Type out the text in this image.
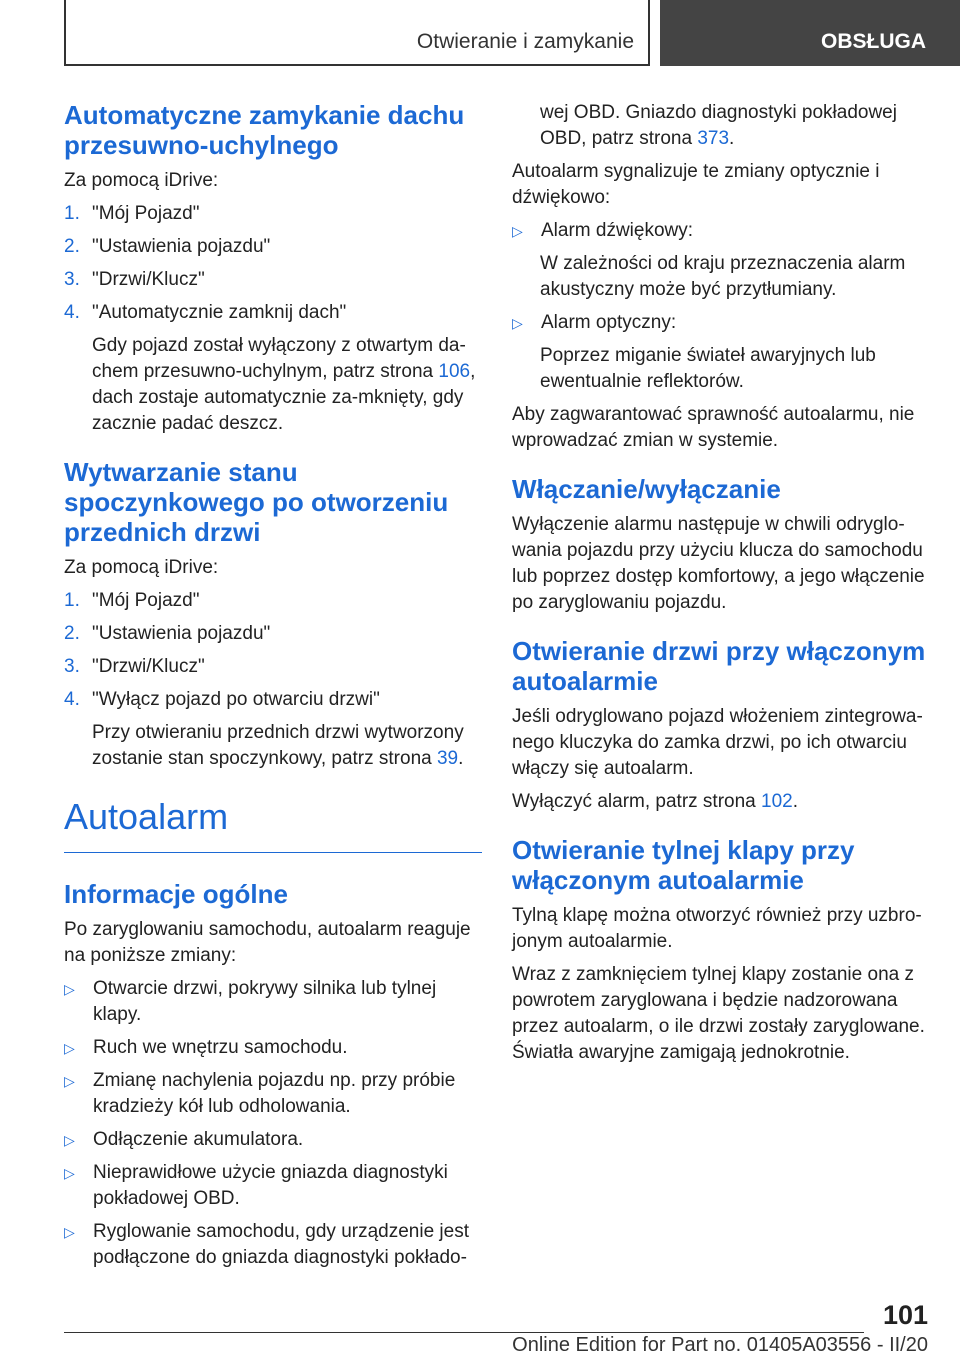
Otwieranie i zamykanie	OBSŁUGA
Automatyczne zamykanie dachu przesuwno-uchylnego

Za pomocą iDrive:

1. "Mój Pojazd"
2. "Ustawienia pojazdu"
3. "Drzwi/Klucz"
4. "Automatycznie zamknij dach"

Gdy pojazd został wyłączony z otwartym da-chem przesuwno-uchylnym, patrz strona 106, dach zostaje automatycznie za-mknięty, gdy zacznie padać deszcz.

Wytwarzanie stanu spoczynkowego po otworzeniu przednich drzwi

Za pomocą iDrive:

1. "Mój Pojazd"
2. "Ustawienia pojazdu"
3. "Drzwi/Klucz"
4. "Wyłącz pojazd po otwarciu drzwi"

Przy otwieraniu przednich drzwi wytworzony zostanie stan spoczynkowy, patrz strona 39.

Autoalarm
Informacje ogólne

Po zaryglowaniu samochodu, autoalarm reaguje na poniższe zmiany:

▷ Otwarcie drzwi, pokrywy silnika lub tylnej klapy.
▷ Ruch we wnętrzu samochodu.
▷ Zmianę nachylenia pojazdu np. przy próbie kradzieży kół lub odholowania.
▷ Odłączenie akumulatora.
▷ Nieprawidłowe użycie gniazda diagnostyki pokładowej OBD.
▷ Ryglowanie samochodu, gdy urządzenie jest podłączone do gniazda diagnostyki pokłado-

wej OBD. Gniazdo diagnostyki pokładowej OBD, patrz strona 373.

Autoalarm sygnalizuje te zmiany optycznie i dźwiękowo:

▷ Alarm dźwiękowy:

W zależności od kraju przeznaczenia alarm akustyczny może być przytłumiany.

▷ Alarm optyczny:

Poprzez miganie świateł awaryjnych lub ewentualnie reflektorów.

Aby zagwarantować sprawność autoalarmu, nie wprowadzać zmian w systemie.

Włączanie/wyłączanie

Wyłączenie alarmu następuje w chwili odryglo-wania pojazdu przy użyciu klucza do samochodu lub poprzez dostęp komfortowy, a jego włączenie po zaryglowaniu pojazdu.

Otwieranie drzwi przy włączonym autoalarmie

Jeśli odryglowano pojazd włożeniem zintegrowa-nego kluczyka do zamka drzwi, po ich otwarciu włączy się autoalarm.

Wyłączyć alarm, patrz strona 102.

Otwieranie tylnej klapy przy włączonym autoalarmie

Tylną klapę można otworzyć również przy uzbro-jonym autoalarmie.

Wraz z zamknięciem tylnej klapy zostanie ona z powrotem zaryglowana i będzie nadzorowana przez autoalarm, o ile drzwi zostały zaryglowane. Światła awaryjne zamigają jednokrotnie.

101
Online Edition for Part no. 01405A03556 - II/20
